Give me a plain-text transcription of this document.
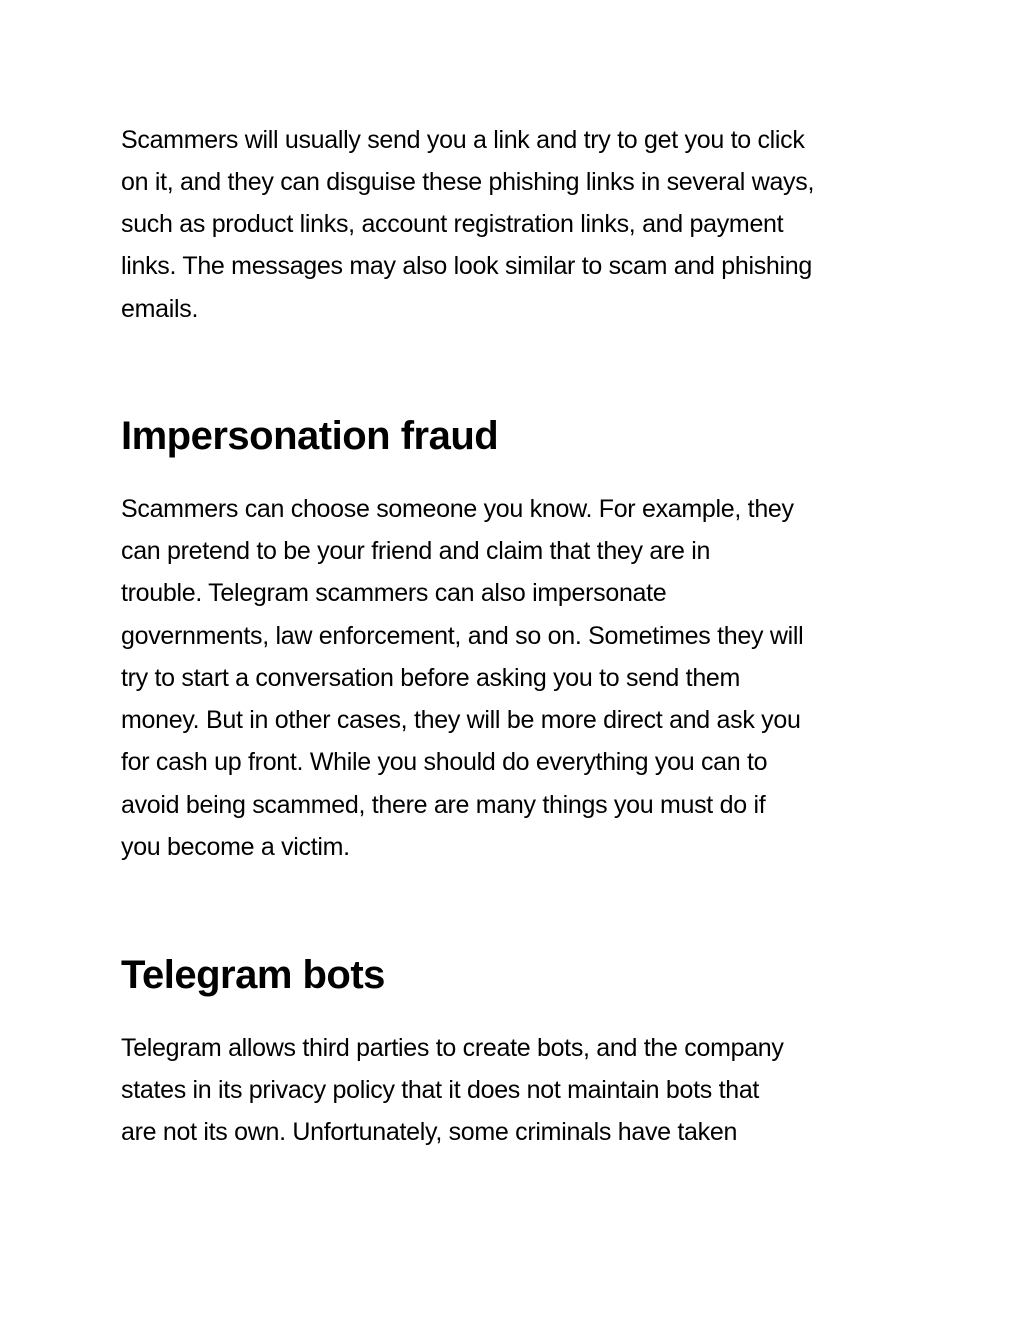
Scammers will usually send you a link and try to get you to click

on it, and they can disguise these phishing links in several ways,

such as product links, account registration links, and payment

links. The messages may also look similar to scam and phishing

emails.

Impersonation fraud

Scammers can choose someone you know. For example, they

can pretend to be your friend and claim that they are in

trouble. Telegram scammers can also impersonate

governments, law enforcement, and so on. Sometimes they will

try to start a conversation before asking you to send them

money. But in other cases, they will be more direct and ask you

for cash up front. While you should do everything you can to

avoid being scammed, there are many things you must do if

you become a victim.

Telegram bots

Telegram allows third parties to create bots, and the company

states in its privacy policy that it does not maintain bots that

are not its own. Unfortunately, some criminals have taken
